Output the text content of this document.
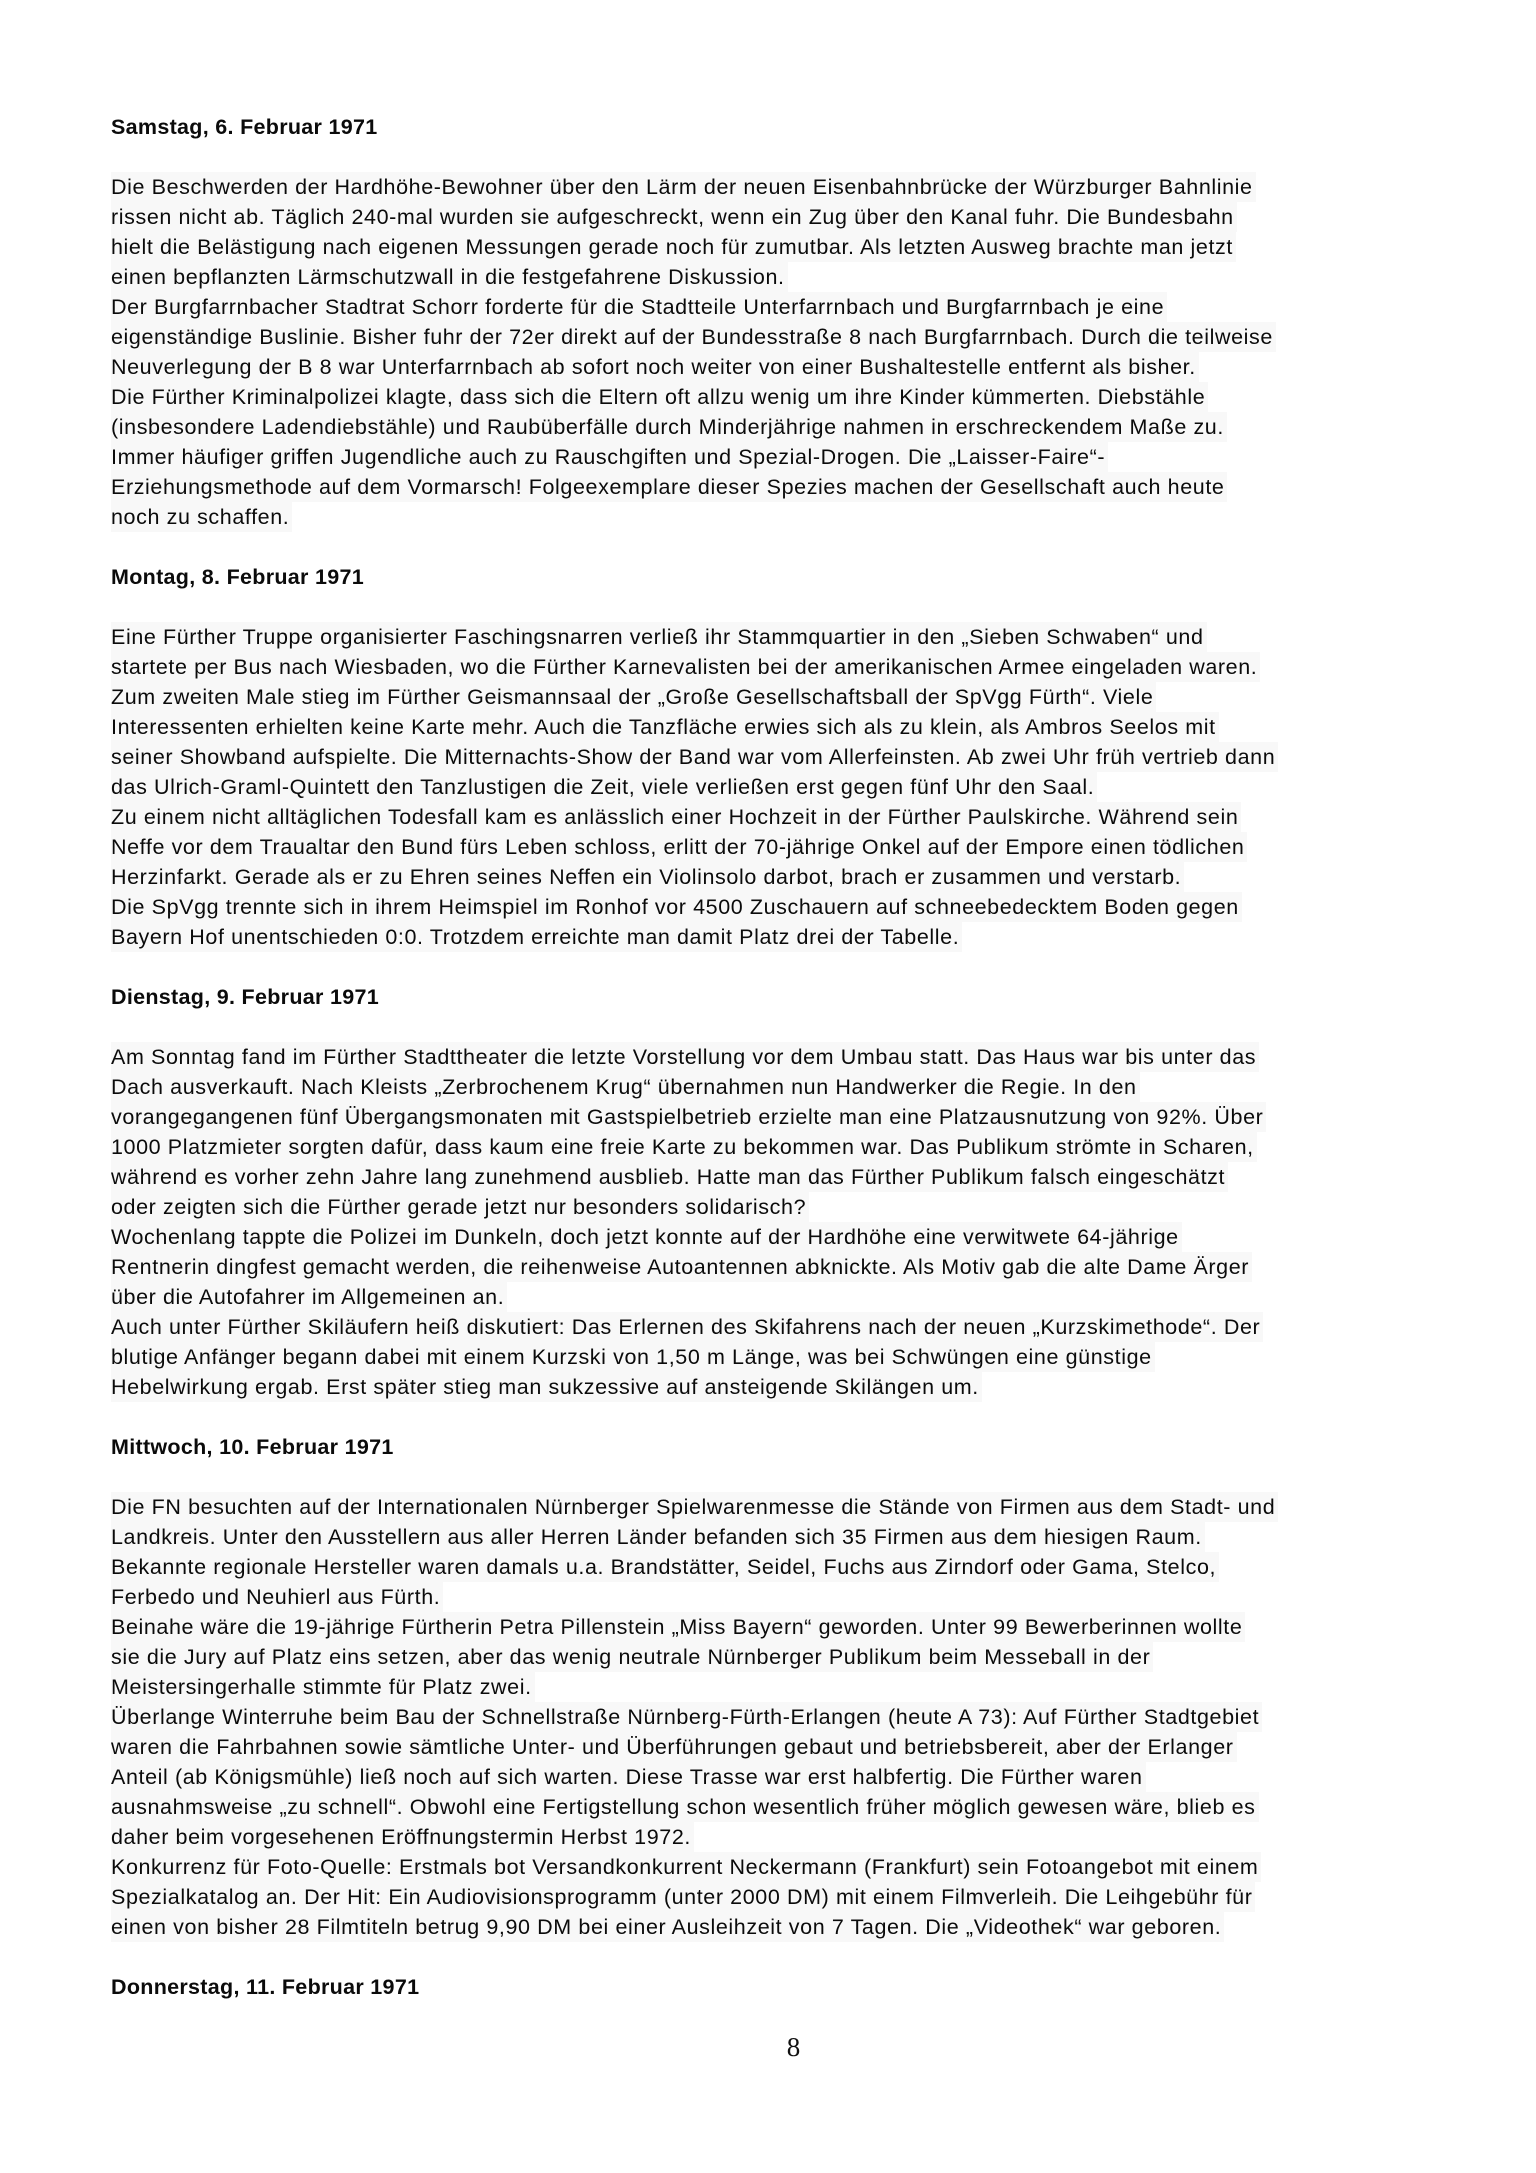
Samstag, 6. Februar 1971

Die Beschwerden der Hardhöhe-Bewohner über den Lärm der neuen Eisenbahnbrücke der Würzburger Bahnlinie
rissen nicht ab. Täglich 240-mal wurden sie aufgeschreckt, wenn ein Zug über den Kanal fuhr. Die Bundesbahn
hielt die Belästigung nach eigenen Messungen gerade noch für zumutbar. Als letzten Ausweg brachte man jetzt
einen bepflanzten Lärmschutzwall in die festgefahrene Diskussion.

Der Burgfarrnbacher Stadtrat Schorr forderte für die Stadtteile Unterfarrnbach und Burgfarrnbach je eine
eigenständige Buslinie. Bisher fuhr der 72er direkt auf der Bundesstraße 8 nach Burgfarrnbach. Durch die teilweise
Neuverlegung der B 8 war Unterfarrnbach ab sofort noch weiter von einer Bushaltestelle entfernt als bisher.

Die Fürther Kriminalpolizei klagte, dass sich die Eltern oft allzu wenig um ihre Kinder kümmerten. Diebstähle
(insbesondere Ladendiebstähle) und Raubüberfälle durch Minderjährige nahmen in erschreckendem Maße zu.
Immer häufiger griffen Jugendliche auch zu Rauschgiften und Spezial-Drogen. Die „Laisser-Faire“-
Erziehungsmethode auf dem Vormarsch! Folgeexemplare dieser Spezies machen der Gesellschaft auch heute
noch zu schaffen.

Montag, 8. Februar 1971

Eine Fürther Truppe organisierter Faschingsnarren verließ ihr Stammquartier in den „Sieben Schwaben“ und
startete per Bus nach Wiesbaden, wo die Fürther Karnevalisten bei der amerikanischen Armee eingeladen waren.

Zum zweiten Male stieg im Fürther Geismannsaal der „Große Gesellschaftsball der SpVgg Fürth“. Viele
Interessenten erhielten keine Karte mehr. Auch die Tanzfläche erwies sich als zu klein, als Ambros Seelos mit
seiner Showband aufspielte. Die Mitternachts-Show der Band war vom Allerfeinsten. Ab zwei Uhr früh vertrieb dann
das Ulrich-Graml-Quintett den Tanzlustigen die Zeit, viele verließen erst gegen fünf Uhr den Saal.

Zu einem nicht alltäglichen Todesfall kam es anlässlich einer Hochzeit in der Fürther Paulskirche. Während sein
Neffe vor dem Traualtar den Bund fürs Leben schloss, erlitt der 70-jährige Onkel auf der Empore einen tödlichen
Herzinfarkt. Gerade als er zu Ehren seines Neffen ein Violinsolo darbot, brach er zusammen und verstarb.

Die SpVgg trennte sich in ihrem Heimspiel im Ronhof vor 4500 Zuschauern auf schneebedecktem Boden gegen
Bayern Hof unentschieden 0:0. Trotzdem erreichte man damit Platz drei der Tabelle.

Dienstag, 9. Februar 1971

Am Sonntag fand im Fürther Stadttheater die letzte Vorstellung vor dem Umbau statt. Das Haus war bis unter das
Dach ausverkauft. Nach Kleists „Zerbrochenem Krug“ übernahmen nun Handwerker die Regie. In den
vorangegangenen fünf Übergangsmonaten mit Gastspielbetrieb erzielte man eine Platzausnutzung von 92%. Über
1000 Platzmieter sorgten dafür, dass kaum eine freie Karte zu bekommen war. Das Publikum strömte in Scharen,
während es vorher zehn Jahre lang zunehmend ausblieb. Hatte man das Fürther Publikum falsch eingeschätzt
oder zeigten sich die Fürther gerade jetzt nur besonders solidarisch?

Wochenlang tappte die Polizei im Dunkeln, doch jetzt konnte auf der Hardhöhe eine verwitwete 64-jährige
Rentnerin dingfest gemacht werden, die reihenweise Autoantennen abknickte. Als Motiv gab die alte Dame Ärger
über die Autofahrer im Allgemeinen an.

Auch unter Fürther Skiläufern heiß diskutiert: Das Erlernen des Skifahrens nach der neuen „Kurzskimethode“. Der
blutige Anfänger begann dabei mit einem Kurzski von 1,50 m Länge, was bei Schwüngen eine günstige
Hebelwirkung ergab. Erst später stieg man sukzessive auf ansteigende Skilängen um.

Mittwoch, 10. Februar 1971

Die FN besuchten auf der Internationalen Nürnberger Spielwarenmesse die Stände von Firmen aus dem Stadt- und
Landkreis. Unter den Ausstellern aus aller Herren Länder befanden sich 35 Firmen aus dem hiesigen Raum.
Bekannte regionale Hersteller waren damals u.a. Brandstätter, Seidel, Fuchs aus Zirndorf oder Gama, Stelco,
Ferbedo und Neuhierl aus Fürth.

Beinahe wäre die 19-jährige Fürtherin Petra Pillenstein „Miss Bayern“ geworden. Unter 99 Bewerberinnen wollte
sie die Jury auf Platz eins setzen, aber das wenig neutrale Nürnberger Publikum beim Messeball in der
Meistersingerhalle stimmte für Platz zwei.

Überlange Winterruhe beim Bau der Schnellstraße Nürnberg-Fürth-Erlangen (heute A 73): Auf Fürther Stadtgebiet
waren die Fahrbahnen sowie sämtliche Unter- und Überführungen gebaut und betriebsbereit, aber der Erlanger
Anteil (ab Königsmühle) ließ noch auf sich warten. Diese Trasse war erst halbfertig. Die Fürther waren
ausnahmsweise „zu schnell“. Obwohl eine Fertigstellung schon wesentlich früher möglich gewesen wäre, blieb es
daher beim vorgesehenen Eröffnungstermin Herbst 1972.

Konkurrenz für Foto-Quelle: Erstmals bot Versandkonkurrent Neckermann (Frankfurt) sein Fotoangebot mit einem
Spezialkatalog an. Der Hit: Ein Audiovisionsprogramm (unter 2000 DM) mit einem Filmverleih. Die Leihgebühr für
einen von bisher 28 Filmtiteln betrug 9,90 DM bei einer Ausleihzeit von 7 Tagen. Die „Videothek“ war geboren.

Donnerstag, 11. Februar 1971
8
